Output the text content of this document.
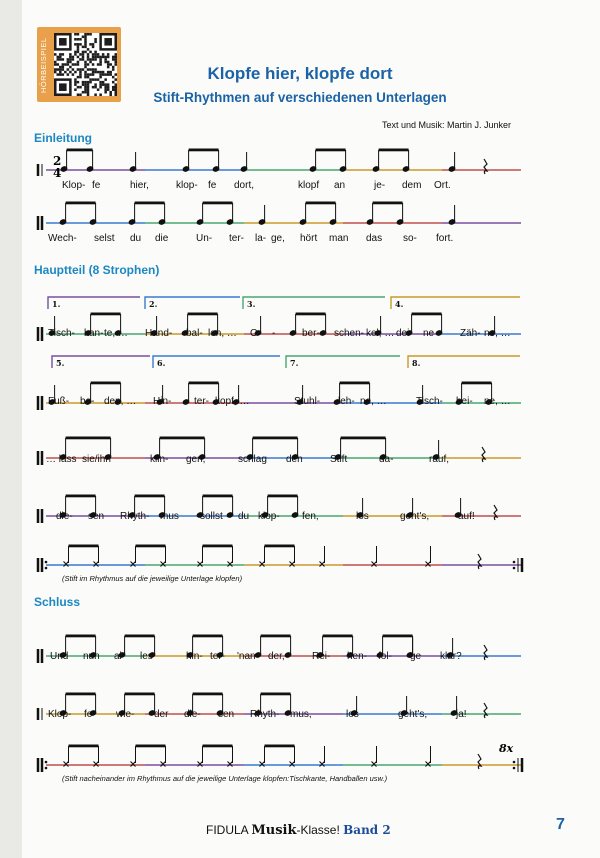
HÖRBEISPIEL	Klopfe hier, klopfe dort
Stift-Rhythmen auf verschiedenen Unterlagen
Text und Musik: Martin J. Junker
Einleitung
Hauptteil (8 Strophen)
Schluss
1.	2.	3.	4.
5.	6.	7.	8.
2
4
8x
Klop- fe	hier,	klop- fe dort,	klopf an	je- dem Ort.
Wech- selst du die	Un- ter- la- ge, hört man das so- fort.
Tisch- kan- te, … Hand- bal- len, … O -	ber- schen- kel, … dei- ne	Zäh- ne, …
Fuß- bo- den, … Hin- ter- kopf, …	Stuhl- leh- ne, …	Tisch- bei- ne, …
… lass sie/ihn	klin- gen,	schlag den	Stift	da-	rauf,
die- sen Rhyth- mus sollst du klop- fen,	los	geht's,	auf!
Und nun al- les	hin- ter- 'nan- der,	Rei- hen- fol- ge klar?
Klop- fe wie- der die- sen Rhyth- mus,	los	geht's,	ja!
(Stift im Rhythmus auf die jeweilige Unterlage klopfen)
(Stift nacheinander im Rhythmus auf die jeweilige Unterlage klopfen:Tischkante, Handballen usw.)
FIDULA Musik-Klasse! Band 2	7
